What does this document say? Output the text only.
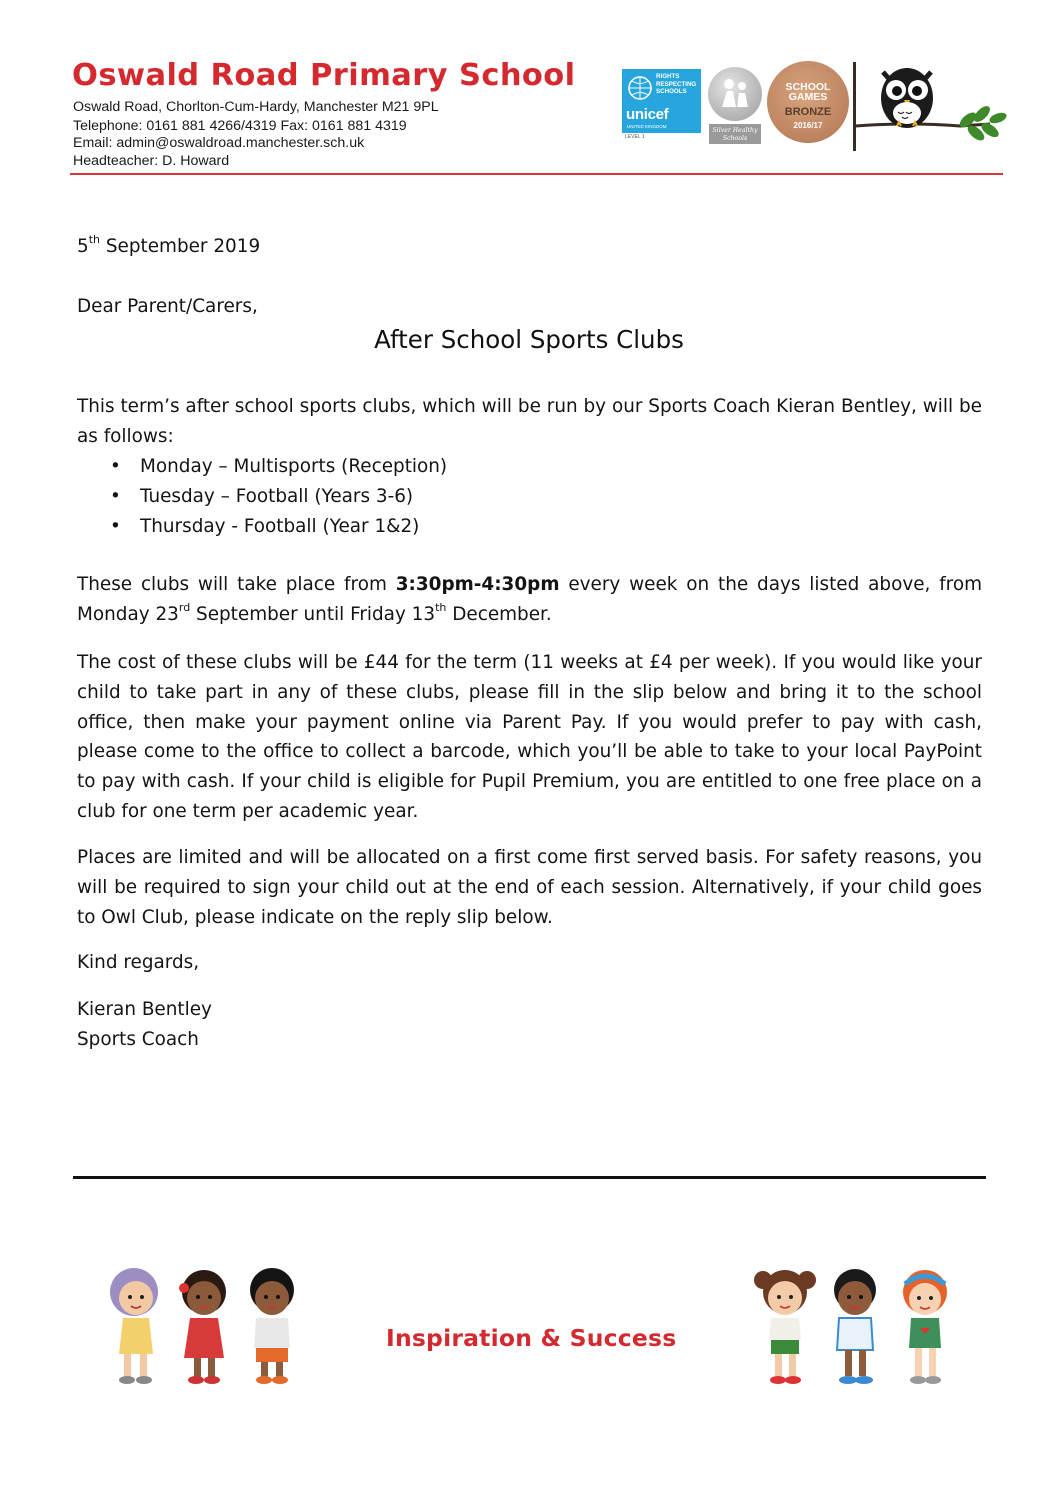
Oswald Road Primary School
Oswald Road, Chorlton-Cum-Hardy, Manchester M21 9PL
Telephone: 0161 881 4266/4319 Fax: 0161 881 4319
Email: admin@oswaldroad.manchester.sch.uk
Headteacher: D. Howard
RIGHTS RESPECTING SCHOOLS
unicef
UNITED KINGDOM
LEVEL 1
Silver Healthy Schools
SCHOOL
GAMES
BRONZE
2016/17
5th September 2019
Dear Parent/Carers,
After School Sports Clubs

This term’s after school sports clubs, which will be run by our Sports Coach Kieran Bentley, will be as follows:

• Monday – Multisports (Reception)
• Tuesday – Football (Years 3-6)
• Thursday - Football (Year 1&2)

These clubs will take place from 3:30pm-4:30pm every week on the days listed above, from Monday 23rd September until Friday 13th December.

The cost of these clubs will be £44 for the term (11 weeks at £4 per week). If you would like your child to take part in any of these clubs, please fill in the slip below and bring it to the school office, then make your payment online via Parent Pay. If you would prefer to pay with cash, please come to the office to collect a barcode, which you’ll be able to take to your local PayPoint to pay with cash. If your child is eligible for Pupil Premium, you are entitled to one free place on a club for one term per academic year.

Places are limited and will be allocated on a first come first served basis. For safety reasons, you will be required to sign your child out at the end of each session. Alternatively, if your child goes to Owl Club, please indicate on the reply slip below.

Kind regards,
Kieran Bentley
Sports Coach
Inspiration & Success
